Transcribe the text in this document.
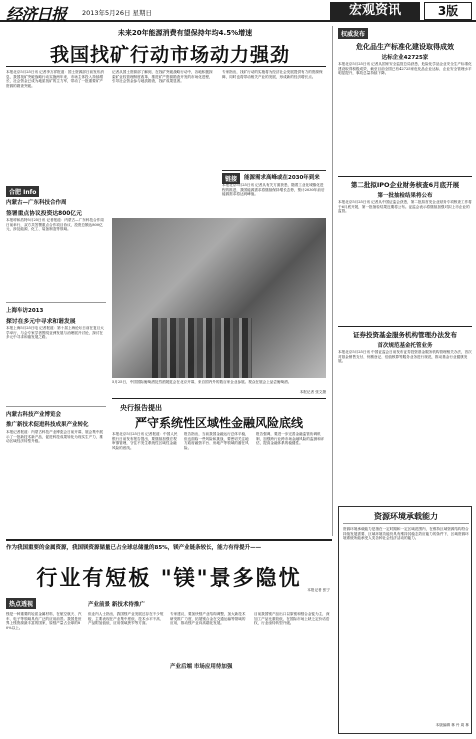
经济日报 2013年5月26日 星期日	宏观资讯	3版
未来20年能源消费有望保持年均4.5%增速
我国找矿行动市场动力强劲
本报北京5月25日讯 记者李万祥报道：国土资源部日前发布消息，我国找矿突破战略行动实施两年来，市场主体投入持续增长，社会资金已成为地质找矿的主力军，带动了一批重要矿产资源的勘查突破。
记者从国土资源部了解到，在找矿突破战略行动中，各地积极探索矿业权管理制度改革，推进矿产资源勘查开发的市场化进程，引导社会资金参与地质勘查，找矿成果显著。
专家指出，找矿行动的实施将为经济社会发展提供有力的资源保障，同时也将带动相关产业的发展，形成新的经济增长点。
链接	能源需求高峰或在2030年到来
本报北京5月25日讯 记者从有关方面获悉，随着工业化城镇化进程的推进，我国能源需求将继续保持增长态势，预计2030年前后能源需求将达到峰值。
合肥 Info
内蒙古—广东科技合作周
签署重点协议投资达800亿元
本报呼和浩特5月25日讯 记者报道：内蒙古—广东科技合作周日前举行，双方共签署重点合作项目协议，投资总额达800亿元，涉及能源、化工、装备制造等领域。
上海车访2013
探讨在多元中寻求和谐发展
本报上海5月25日电 记者报道：第十届上海论坛日前在复旦大学举行，与会专家学者围绕亚洲发展与治理展开讨论，探讨在多元中寻求和谐发展之路。
内蒙古科技产业博览会
推广新技术促进科技成果产业转化
本报记者报道：内蒙古科技产业博览会日前开幕，展会集中展示了一批新技术新产品，促进科技成果转化为现实生产力，推动区域经济转型升级。
5月25日，中国国际葡萄酒及烈酒展览会在北京开幕，来自国内外的数百家企业参展。观众在展会上品尝葡萄酒。
本报记者 张文摄
央行报告提出
严守系统性区域性金融风险底线
本报北京5月25日讯 记者报道：中国人民银行日前发布报告提出，要继续加强宏观审慎管理，守住不发生系统性区域性金融风险的底线。
报告指出，当前我国金融运行总体平稳，但也面临一些风险和挑战，要密切关注地方政府融资平台、房地产等领域的潜在风险。
报告强调，要进一步完善金融监管协调机制，加强跨行业跨市场金融风险的监测和评估，提高金融体系的稳健性。
权威发布
危化品生产标准化建设取得成效
达标企业42725家
本报北京5月25日讯 记者从国家安全监管总局获悉，危险化学品企业安全生产标准化建设取得积极成效，截至目前全国已有42725家危化品企业达标，企业安全管理水平明显提升，事故总量持续下降。
第二批拟IPO企业财务核查6月底开展
第一批抽检结果将公布
本报北京5月25日讯 记者从中国证监会获悉，第二批拟首发企业财务专项核查工作将于6月底开展，第一批抽检结果近期将公布。证监会表示将继续加强对拟上市企业的监管。
证券投资基金服务机构管理办法发布
首次规范基金托管业务
本报北京5月25日讯 中国证监会日前发布证券投资基金服务机构管理相关办法，首次对基金销售支付、份额登记、估值核算等服务业务进行规范，推动基金行业健康发展。
资源环境承载能力
资源环境承载能力是指在一定时期和一定区域范围内，在维持区域资源结构符合持续发展需要、区域环境功能仍具有维持其稳态效应能力的条件下，区域资源环境系统所能承受人类各种社会经济活动的能力。
本版编辑 林 丹 周 林
作为我国重要的金属资源，我国镁资源储量已占全球总储量的85%，镁产业链条较长，能力有待提升——
行业有短板 "镁"景多隐忧	本报记者 张宁
热点透视	产业前景 新技术待推广
镁是一种重要的轻质金属材料，在航空航天、汽车、电子等领域具有广泛的应用前景。我国是世界上镁资源最丰富的国家，原镁产量占全球的80%以上。
但业内人士指出，我国镁产业发展还存在不少短板，主要表现在产业集中度低、技术水平不高、产品附加值低、应用领域狭窄等方面。
产业后端 市场应用待加强
专家建议，要加快镁产业结构调整，加大新技术研发推广力度，拓展镁合金在交通运输等领域的应用，推动镁产业向高端化发展。
目前我国镁产品出口以原镁和镁合金锭为主，深加工产品比重较低，在国际市场上缺乏定价话语权，行业亟待转型升级。
